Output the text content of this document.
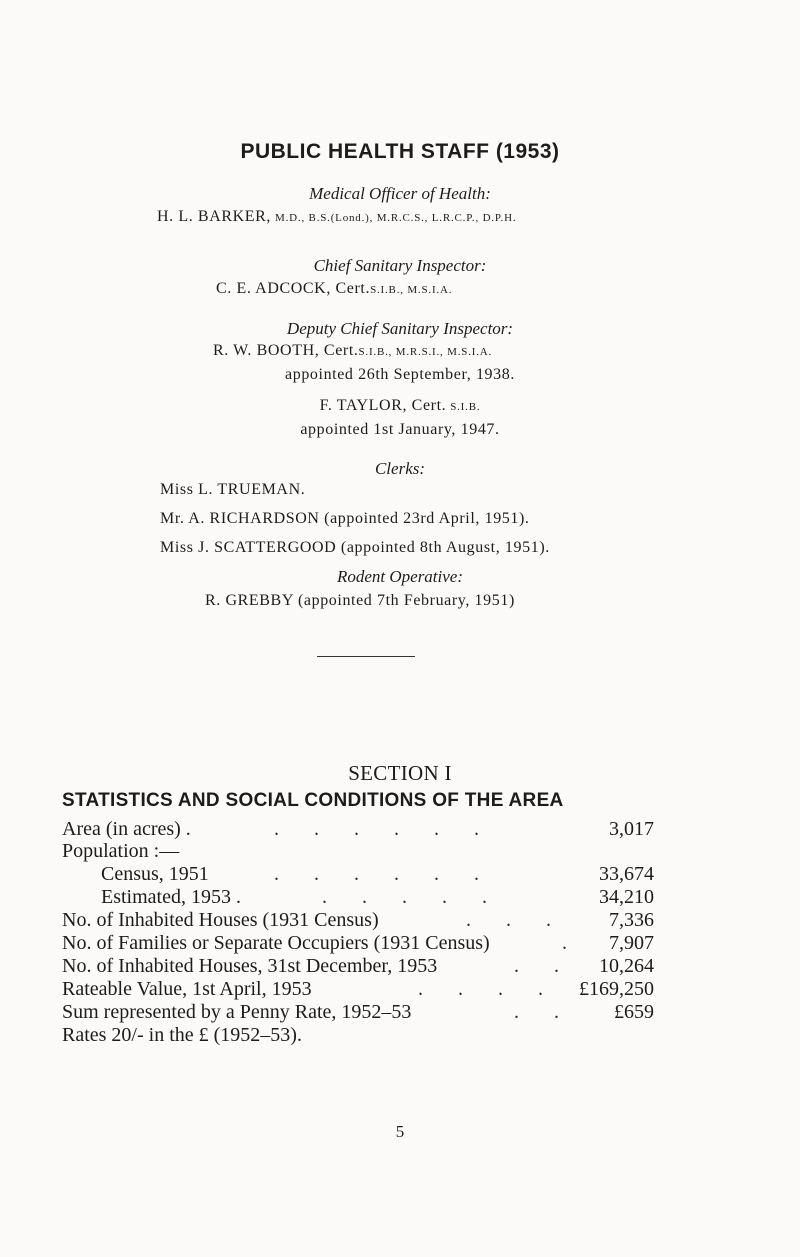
PUBLIC HEALTH STAFF (1953)
Medical Officer of Health:
H. L. BARKER, M.D., B.S.(Lond.), M.R.C.S., L.R.C.P., D.P.H.
Chief Sanitary Inspector:
C. E. ADCOCK, Cert.S.I.B., M.S.I.A.
Deputy Chief Sanitary Inspector:
R. W. BOOTH, Cert.S.I.B., M.R.S.I., M.S.I.A.
appointed 26th September, 1938.
F. TAYLOR, Cert. S.I.B.
appointed 1st January, 1947.
Clerks:
Miss L. TRUEMAN.
Mr. A. RICHARDSON (appointed 23rd April, 1951).
Miss J. SCATTERGOOD (appointed 8th August, 1951).
Rodent Operative:
R. GREBBY (appointed 7th February, 1951)
SECTION I
STATISTICS AND SOCIAL CONDITIONS OF THE AREA
Area (in acres) .	.       .       .       .       .       .	3,017
Population :—
Census, 1951	.       .       .       .       .       .	33,674
Estimated, 1953 .	.       .       .       .       .	34,210
No. of Inhabited Houses (1931 Census)	.       .       .	7,336
No. of Families or Separate Occupiers (1931 Census)	. 7,907
No. of Inhabited Houses, 31st December, 1953	.       . 10,264
Rateable Value, 1st April, 1953	.       .       .       . £169,250
Sum represented by a Penny Rate, 1952–53	.       .	£659
Rates 20/- in the £ (1952–53).
5
